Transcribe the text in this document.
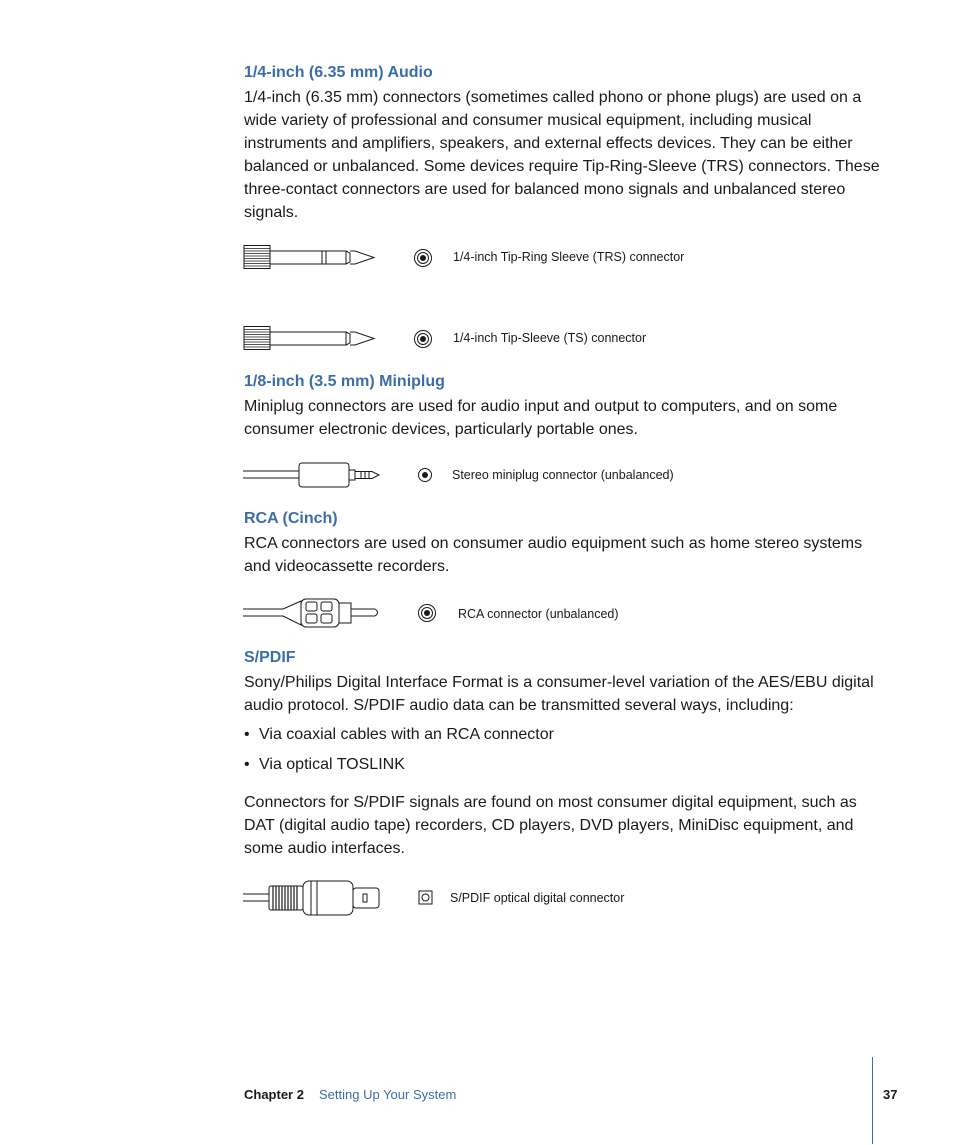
1/4-inch (6.35 mm) Audio

1/4-inch (6.35 mm) connectors (sometimes called phono or phone plugs) are used on a wide variety of professional and consumer musical equipment, including musical instruments and amplifiers, speakers, and external effects devices. They can be either balanced or unbalanced. Some devices require Tip-Ring-Sleeve (TRS) connectors. These three-contact connectors are used for balanced mono signals and unbalanced stereo signals.

1/4-inch Tip-Ring Sleeve (TRS) connector
1/4-inch Tip-Sleeve (TS) connector
1/8-inch (3.5 mm) Miniplug

Miniplug connectors are used for audio input and output to computers, and on some consumer electronic devices, particularly portable ones.

Stereo miniplug connector (unbalanced)
RCA (Cinch)

RCA connectors are used on consumer audio equipment such as home stereo systems and videocassette recorders.

RCA connector (unbalanced)
S/PDIF

Sony/Philips Digital Interface Format is a consumer-level variation of the AES/EBU digital audio protocol. S/PDIF audio data can be transmitted several ways, including:

• Via coaxial cables with an RCA connector
• Via optical TOSLINK

Connectors for S/PDIF signals are found on most consumer digital equipment, such as DAT (digital audio tape) recorders, CD players, DVD players, MiniDisc equipment, and some audio interfaces.

S/PDIF optical digital connector
Chapter 2 Setting Up Your System	37
